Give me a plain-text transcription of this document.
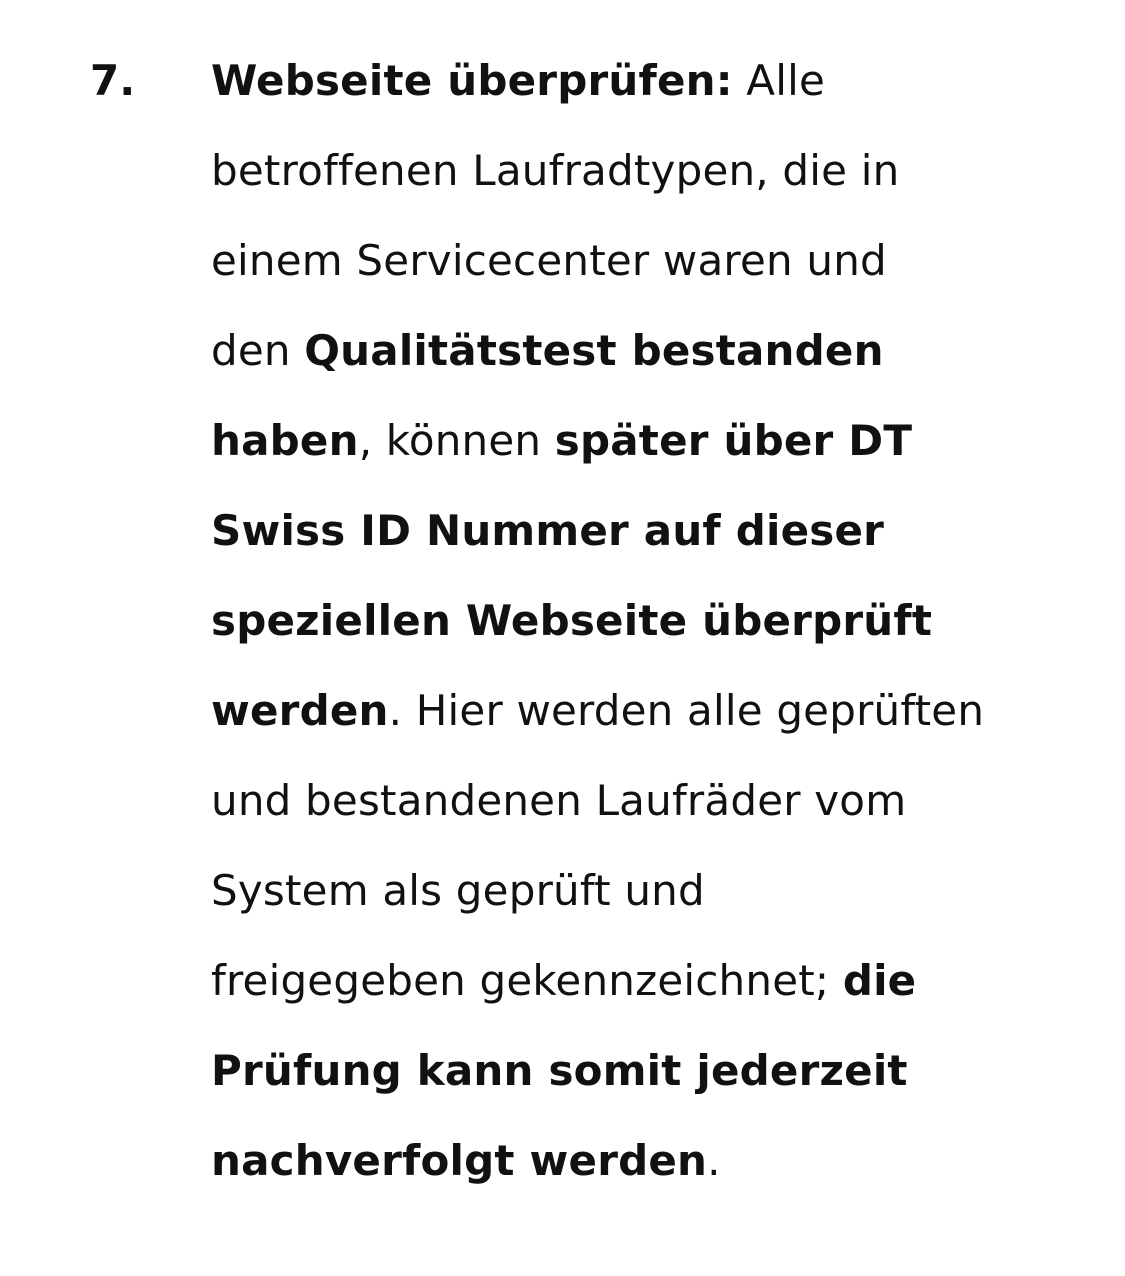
7. Webseite überprüfen: Alle
betroffenen Laufradtypen, die in
einem Servicecenter waren und
den Qualitätstest bestanden
haben, können später über DT
Swiss ID Nummer auf dieser
speziellen Webseite überprüft
werden. Hier werden alle geprüften
und bestandenen Laufräder vom
System als geprüft und
freigegeben gekennzeichnet; die
Prüfung kann somit jederzeit
nachverfolgt werden.
